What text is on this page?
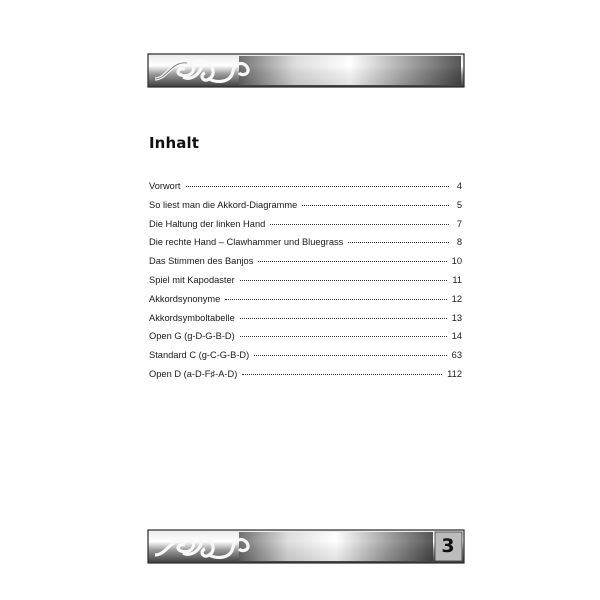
Inhalt
Vorwort	4
So liest man die Akkord-Diagramme	5
Die Haltung der linken Hand	7
Die rechte Hand – Clawhammer und Bluegrass	8
Das Stimmen des Banjos	10
Spiel mit Kapodaster	11
Akkordsynonyme	12
Akkordsymboltabelle	13
Open G (g-D-G-B-D)	14
Standard C (g-C-G-B-D)	63
Open D (a-D-F♯-A-D)	112
3
